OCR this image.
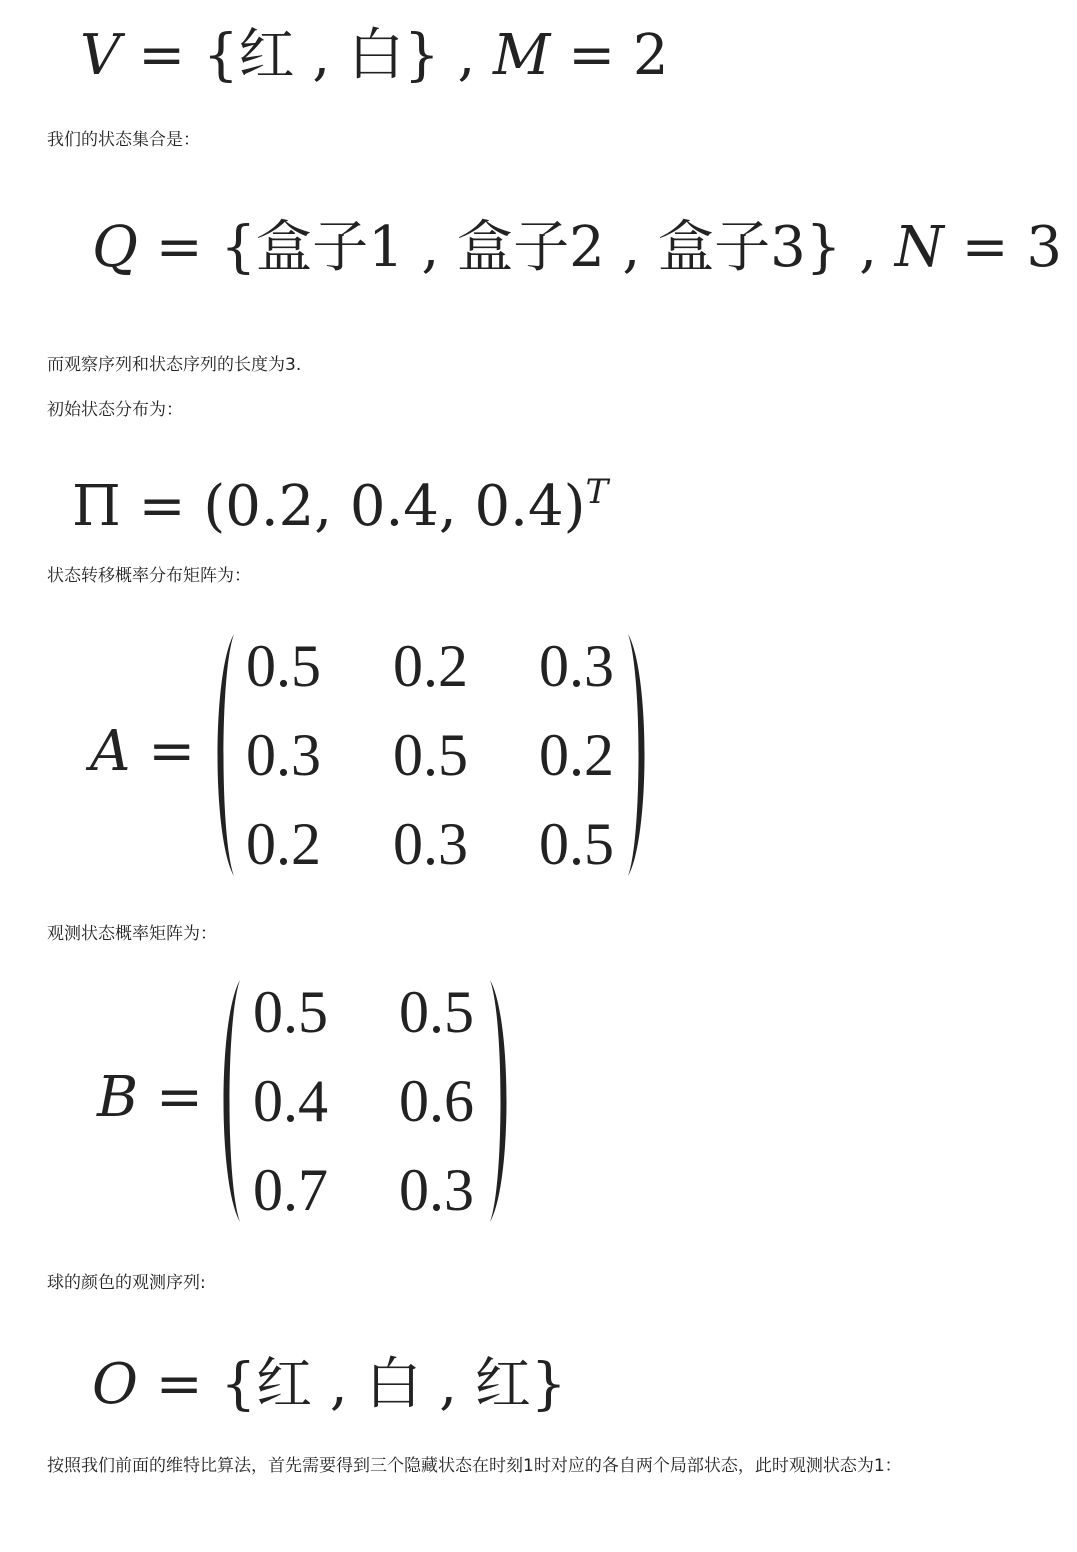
V = {红 , 白} , M = 2
我们的状态集合是：
Q = {盒子1 , 盒子2 , 盒子3} , N = 3
而观察序列和状态序列的长度为3.
初始状态分布为：
Π = (0.2, 0.4, 0.4)$^T$
状态转移概率分布矩阵为：
A =
0.5 0.2 0.3
0.3 0.5 0.2
0.2 0.3 0.5
观测状态概率矩阵为：
B =
0.5 0.5
0.4 0.6
0.7 0.3
球的颜色的观测序列:
O = {红 , 白 , 红}
按照我们前面的维特比算法，首先需要得到三个隐藏状态在时刻1时对应的各自两个局部状态，此时观测状态为1：
